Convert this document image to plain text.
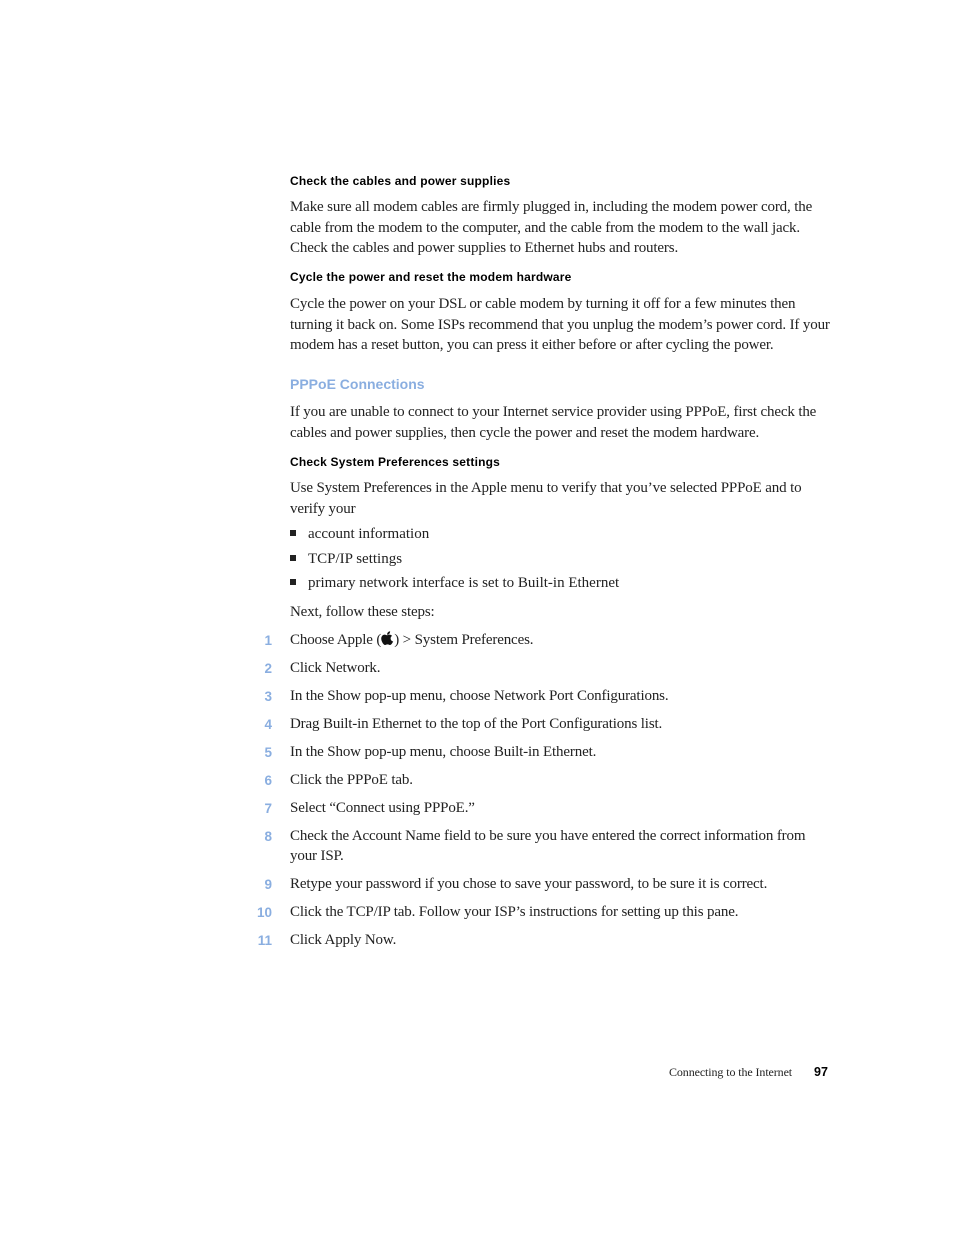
Check the cables and power supplies

Make sure all modem cables are firmly plugged in, including the modem power cord, the cable from the modem to the computer, and the cable from the modem to the wall jack. Check the cables and power supplies to Ethernet hubs and routers.

Cycle the power and reset the modem hardware

Cycle the power on your DSL or cable modem by turning it off for a few minutes then turning it back on. Some ISPs recommend that you unplug the modem’s power cord. If your modem has a reset button, you can press it either before or after cycling the power.

PPPoE Connections

If you are unable to connect to your Internet service provider using PPPoE, first check the cables and power supplies, then cycle the power and reset the modem hardware.

Check System Preferences settings

Use System Preferences in the Apple menu to verify that you’ve selected PPPoE and to verify your

account information
TCP/IP settings
primary network interface is set to Built-in Ethernet

Next, follow these steps:

1 Choose Apple ( ) > System Preferences.
2 Click Network.
3 In the Show pop-up menu, choose Network Port Configurations.
4 Drag Built-in Ethernet to the top of the Port Configurations list.
5 In the Show pop-up menu, choose Built-in Ethernet.
6 Click the PPPoE tab.
7 Select “Connect using PPPoE.”
8 Check the Account Name field to be sure you have entered the correct information from your ISP.
9 Retype your password if you chose to save your password, to be sure it is correct.
10 Click the TCP/IP tab. Follow your ISP’s instructions for setting up this pane.
11 Click Apply Now.
Connecting to the Internet 97
